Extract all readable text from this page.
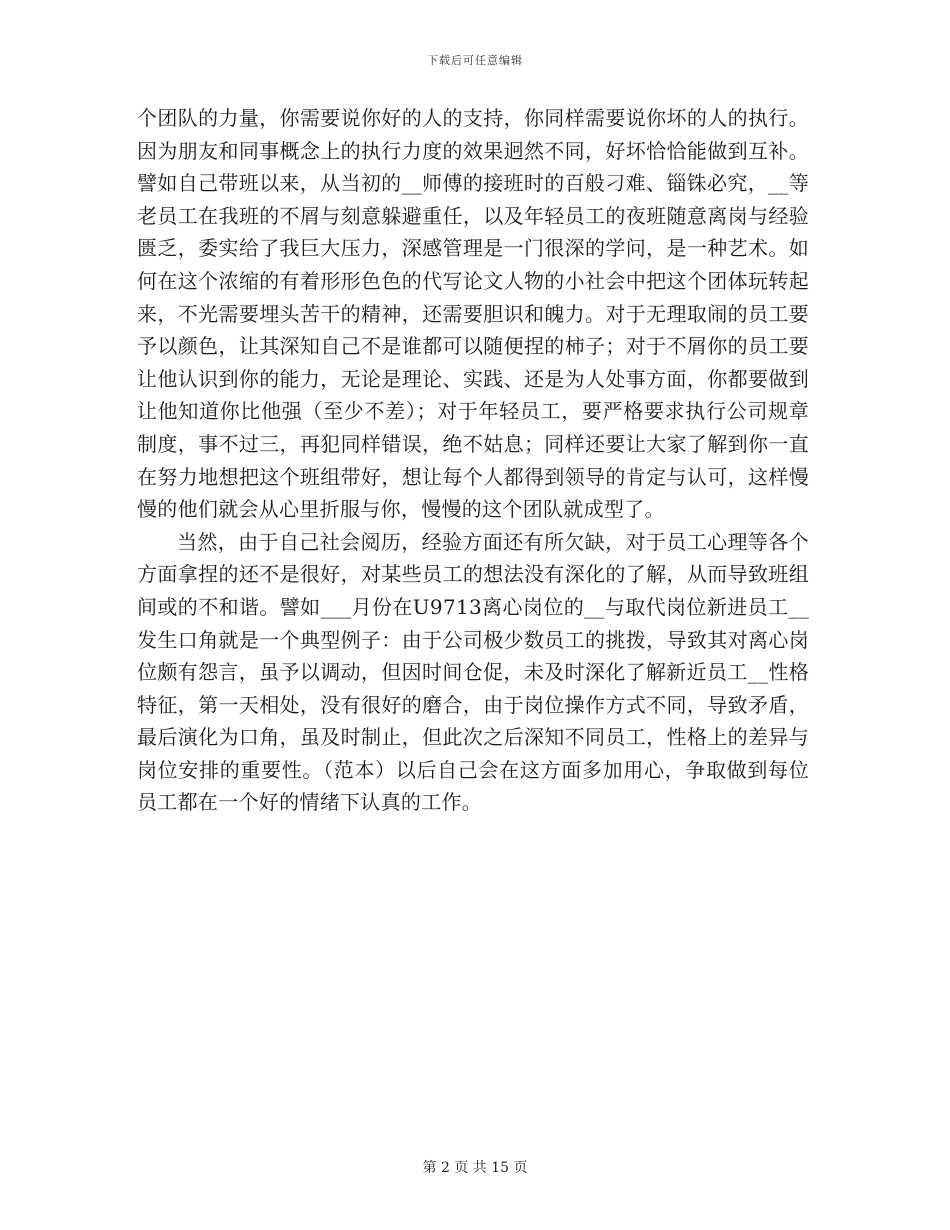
下载后可任意编辑

个团队的力量，你需要说你好的人的支持，你同样需要说你坏的人的执行。因为朋友和同事概念上的执行力度的效果迥然不同，好坏恰恰能做到互补。譬如自己带班以来，从当初的__师傅的接班时的百般刁难、锱铢必究，__等老员工在我班的不屑与刻意躲避重任，以及年轻员工的夜班随意离岗与经验匮乏，委实给了我巨大压力，深感管理是一门很深的学问，是一种艺术。如何在这个浓缩的有着形形色色的代写论文人物的小社会中把这个团体玩转起来，不光需要埋头苦干的精神，还需要胆识和魄力。对于无理取闹的员工要予以颜色，让其深知自己不是谁都可以随便捏的柿子；对于不屑你的员工要让他认识到你的能力，无论是理论、实践、还是为人处事方面，你都要做到让他知道你比他强（至少不差）；对于年轻员工，要严格要求执行公司规章制度，事不过三，再犯同样错误，绝不姑息；同样还要让大家了解到你一直在努力地想把这个班组带好，想让每个人都得到领导的肯定与认可，这样慢慢的他们就会从心里折服与你，慢慢的这个团队就成型了。

当然，由于自己社会阅历，经验方面还有所欠缺，对于员工心理等各个方面拿捏的还不是很好，对某些员工的想法没有深化的了解，从而导致班组间或的不和谐。譬如___月份在U9713离心岗位的__与取代岗位新进员工__发生口角就是一个典型例子：由于公司极少数员工的挑拨，导致其对离心岗位颇有怨言，虽予以调动，但因时间仓促，未及时深化了解新近员工__性格特征，第一天相处，没有很好的磨合，由于岗位操作方式不同，导致矛盾，最后演化为口角，虽及时制止，但此次之后深知不同员工，性格上的差异与岗位安排的重要性。（范本）以后自己会在这方面多加用心，争取做到每位员工都在一个好的情绪下认真的工作。

第 2 页 共 15 页
